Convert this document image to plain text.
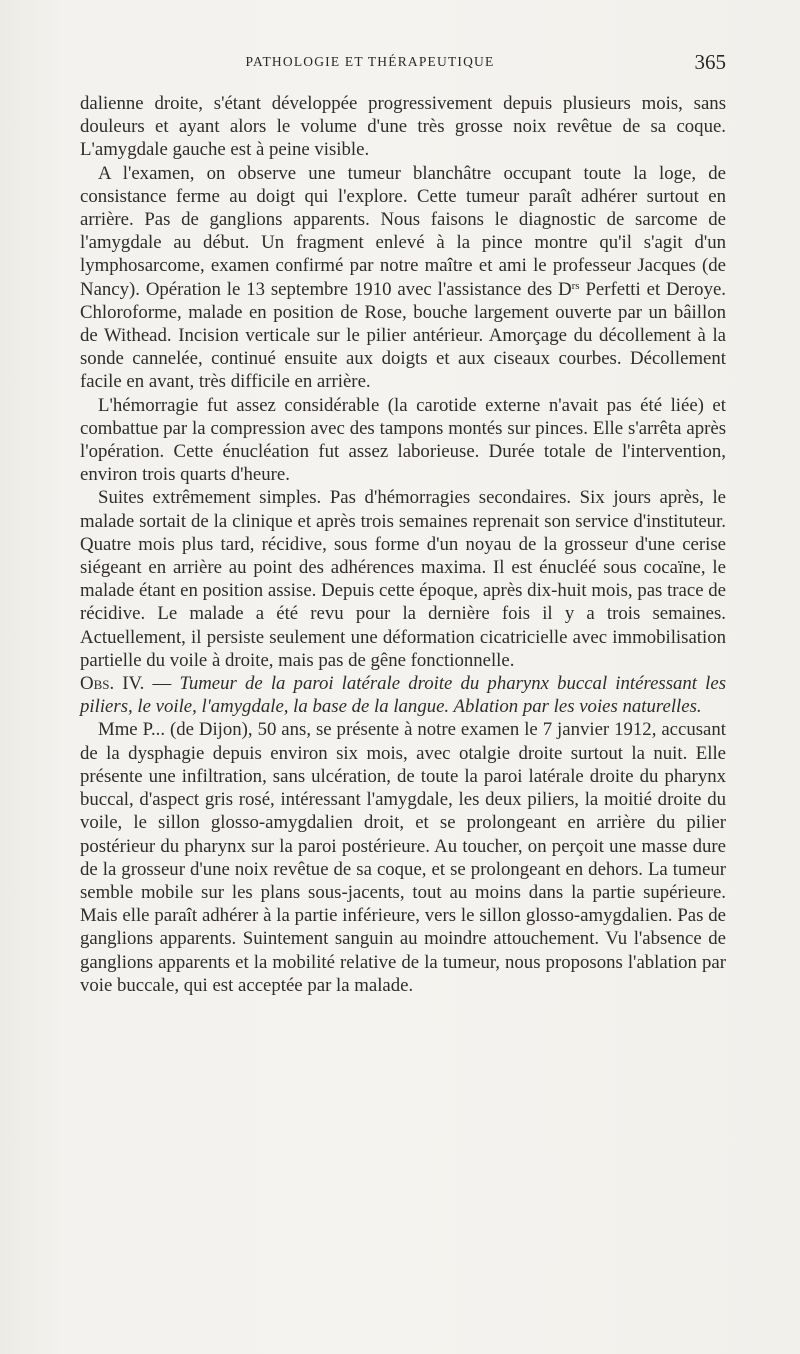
PATHOLOGIE ET THÉRAPEUTIQUE	365

dalienne droite, s'étant développée progressivement depuis plusieurs mois, sans douleurs et ayant alors le volume d'une très grosse noix revêtue de sa coque. L'amygdale gauche est à peine visible.

A l'examen, on observe une tumeur blanchâtre occupant toute la loge, de consistance ferme au doigt qui l'explore. Cette tumeur paraît adhérer surtout en arrière. Pas de ganglions apparents. Nous faisons le diagnostic de sarcome de l'amygdale au début. Un fragment enlevé à la pince montre qu'il s'agit d'un lymphosarcome, examen confirmé par notre maître et ami le professeur Jacques (de Nancy). Opération le 13 septembre 1910 avec l'assistance des $D^{rs}$ Perfetti et Deroye. Chloroforme, malade en position de Rose, bouche largement ouverte par un bâillon de Withead. Incision verticale sur le pilier antérieur. Amorçage du décollement à la sonde cannelée, continué ensuite aux doigts et aux ciseaux courbes. Décollement facile en avant, très difficile en arrière.

L'hémorragie fut assez considérable (la carotide externe n'avait pas été liée) et combattue par la compression avec des tampons montés sur pinces. Elle s'arrêta après l'opération. Cette énucléation fut assez laborieuse. Durée totale de l'intervention, environ trois quarts d'heure.

Suites extrêmement simples. Pas d'hémorragies secondaires. Six jours après, le malade sortait de la clinique et après trois semaines reprenait son service d'instituteur. Quatre mois plus tard, récidive, sous forme d'un noyau de la grosseur d'une cerise siégeant en arrière au point des adhérences maxima. Il est énucléé sous cocaïne, le malade étant en position assise. Depuis cette époque, après dix-huit mois, pas trace de récidive. Le malade a été revu pour la dernière fois il y a trois semaines. Actuellement, il persiste seulement une déformation cicatricielle avec immobilisation partielle du voile à droite, mais pas de gêne fonctionnelle.

Obs. IV. — Tumeur de la paroi latérale droite du pharynx buccal intéressant les piliers, le voile, l'amygdale, la base de la langue. Ablation par les voies naturelles.

Mme P... (de Dijon), 50 ans, se présente à notre examen le 7 janvier 1912, accusant de la dysphagie depuis environ six mois, avec otalgie droite surtout la nuit. Elle présente une infiltration, sans ulcération, de toute la paroi latérale droite du pharynx buccal, d'aspect gris rosé, intéressant l'amygdale, les deux piliers, la moitié droite du voile, le sillon glosso-amygdalien droit, et se prolongeant en arrière du pilier postérieur du pharynx sur la paroi postérieure. Au toucher, on perçoit une masse dure de la grosseur d'une noix revêtue de sa coque, et se prolongeant en dehors. La tumeur semble mobile sur les plans sous-jacents, tout au moins dans la partie supérieure. Mais elle paraît adhérer à la partie inférieure, vers le sillon glosso-amygdalien. Pas de ganglions apparents. Suintement sanguin au moindre attouchement. Vu l'absence de ganglions apparents et la mobilité relative de la tumeur, nous proposons l'ablation par voie buccale, qui est acceptée par la malade.
